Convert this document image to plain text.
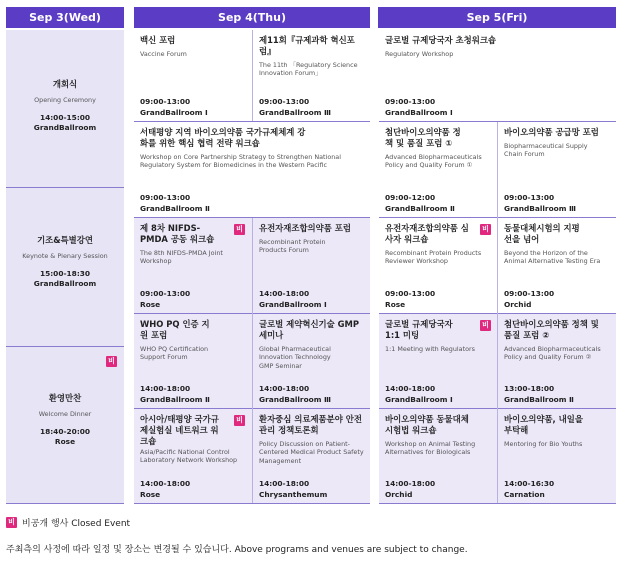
Sep 3(Wed)	Sep 4(Thu)	Sep 5(Fri)
개회식
Opening Ceremony
14:00-15:00
GrandBallroom
기조&특별강연
Keynote & Plenary Session
15:00-18:30
GrandBallroom
비
환영만찬
Welcome Dinner
18:40-20:00
Rose
백신 포럼
Vaccine Forum
09:00-13:00
GrandBallroom Ⅰ
제11회『규제과학 혁신포럼』
The 11th 「Regulatory Science Innovation Forum」
09:00-13:00
GrandBallroom Ⅲ
서태평양 지역 바이오의약품 국가규제체계 강화를 위한 핵심 협력 전략 워크숍
Workshop on Core Partnership Strategy to Strengthen National Regulatory System for Biomedicines in the Western Pacific
09:00-13:00
GrandBallroom Ⅱ
제 8차 NIFDS-PMDA 공동 워크숍
The 8th NIFDS-PMDA Joint Workshop
09:00-13:00
Rose
비 유전자재조합의약품 포럼
Recombinant Protein Products Forum
14:00-18:00
GrandBallroom Ⅰ
WHO PQ 인증 지원 포럼
WHO PQ Certification Support Forum
14:00-18:00
GrandBallroom Ⅱ
글로벌 제약혁신기술 GMP 세미나
Global Pharmaceutical Innovation Technology GMP Seminar
14:00-18:00
GrandBallroom Ⅲ
아시아/태평양 국가규제실험실 네트워크 워크숍
Asia/Pacific National Control Laboratory Network Workshop
14:00-18:00
Rose
비 환자중심 의료제품분야 안전관리 정책토론회
Policy Discussion on Patient-Centered Medical Product Safety Management
14:00-18:00
Chrysanthemum
글로벌 규제당국자 초청워크숍
Regulatory Workshop
09:00-13:00
GrandBallroom Ⅰ
첨단바이오의약품 정책 및 품질 포럼 ①
Advanced Biopharmaceuticals Policy and Quality Forum ①
09:00-12:00
GrandBallroom Ⅱ
바이오의약품 공급망 포럼
Biopharmaceutical Supply Chain Forum
09:00-13:00
GrandBallroom Ⅲ
유전자재조합의약품 심사자 워크숍
Recombinant Protein Products Reviewer Workshop
09:00-13:00
Rose
비 동물대체시험의 지평선을 넘어
Beyond the Horizon of the Animal Alternative Testing Era
09:00-13:00
Orchid
글로벌 규제당국자 1:1 미팅
1:1 Meeting with Regulators
14:00-18:00
GrandBallroom Ⅰ
비 첨단바이오의약품 정책 및 품질 포럼 ②
Advanced Biopharmaceuticals Policy and Quality Forum ②
13:00-18:00
GrandBallroom Ⅱ
바이오의약품 동물대체시험법 워크숍
Workshop on Animal Testing Alternatives for Biologicals
14:00-18:00
Orchid
바이오의약품, 내일을 부탁해
Mentoring for Bio Youths
14:00-16:30
Carnation
비 비공개 행사 Closed Event
주최측의 사정에 따라 일정 및 장소는 변경될 수 있습니다. Above programs and venues are subject to change.
